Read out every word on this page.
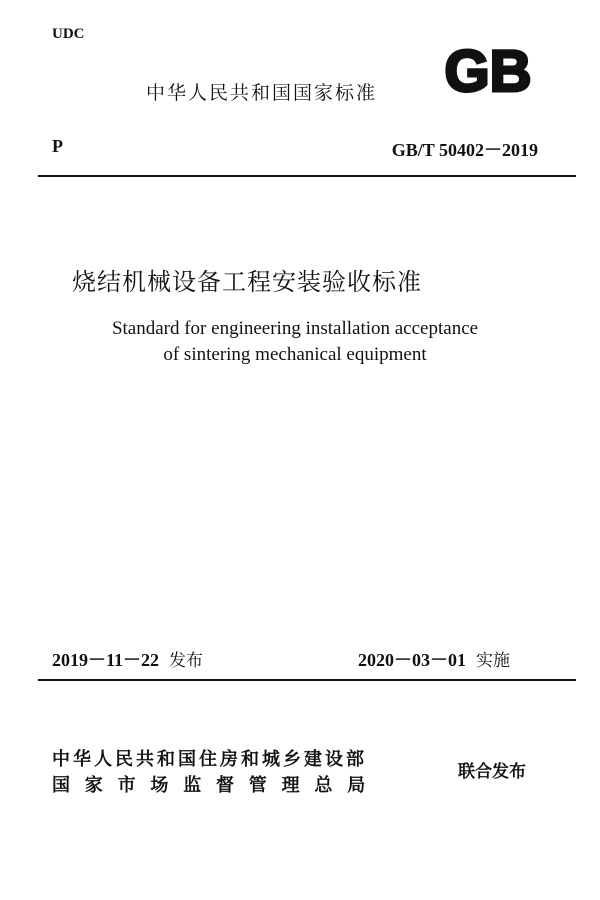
UDC
中华人民共和国国家标准 GB
P	GB/T 50402－2019
烧结机械设备工程安装验收标准
Standard for engineering installation acceptance
of sintering mechanical equipment
2019－11－22 发布	2020－03－01 实施
中华人民共和国住房和城乡建设部
国家市场监督管理总局
联合发布
